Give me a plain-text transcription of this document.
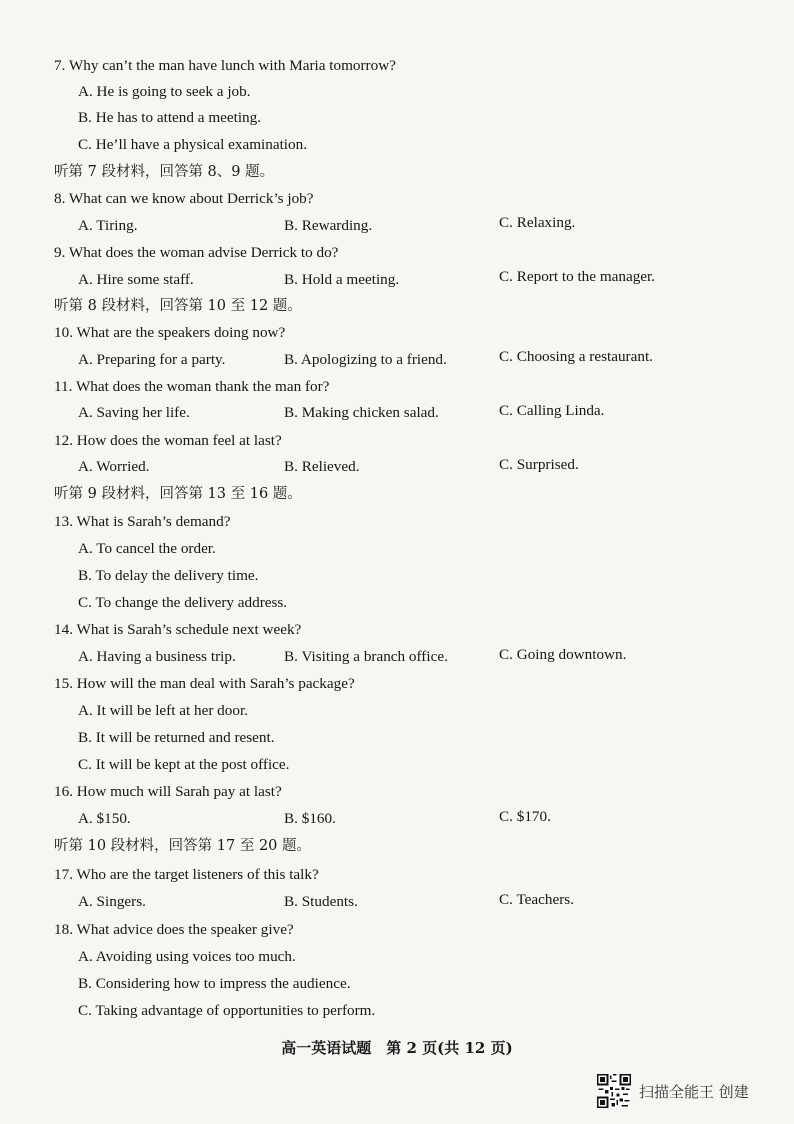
7. Why can’t the man have lunch with Maria tomorrow?
A. He is going to seek a job.
B. He has to attend a meeting.
C. He’ll have a physical examination.
听第 7 段材料，回答第 8、9 题。
8. What can we know about Derrick’s job?
A. Tiring.	B. Rewarding.	C. Relaxing.
9. What does the woman advise Derrick to do?
A. Hire some staff.	B. Hold a meeting.	C. Report to the manager.
听第 8 段材料，回答第 10 至 12 题。
10. What are the speakers doing now?
A. Preparing for a party.	B. Apologizing to a friend.	C. Choosing a restaurant.
11. What does the woman thank the man for?
A. Saving her life.	B. Making chicken salad.	C. Calling Linda.
12. How does the woman feel at last?
A. Worried.	B. Relieved.	C. Surprised.
听第 9 段材料，回答第 13 至 16 题。
13. What is Sarah’s demand?
A. To cancel the order.
B. To delay the delivery time.
C. To change the delivery address.
14. What is Sarah’s schedule next week?
A. Having a business trip.	B. Visiting a branch office.	C. Going downtown.
15. How will the man deal with Sarah’s package?
A. It will be left at her door.
B. It will be returned and resent.
C. It will be kept at the post office.
16. How much will Sarah pay at last?
A. $150.	B. $160.	C. $170.
听第 10 段材料，回答第 17 至 20 题。
17. Who are the target listeners of this talk?
A. Singers.	B. Students.	C. Teachers.
18. What advice does the speaker give?
A. Avoiding using voices too much.
B. Considering how to impress the audience.
C. Taking advantage of opportunities to perform.
高一英语试题　第 2 页(共 12 页)
扫描全能王 创建
